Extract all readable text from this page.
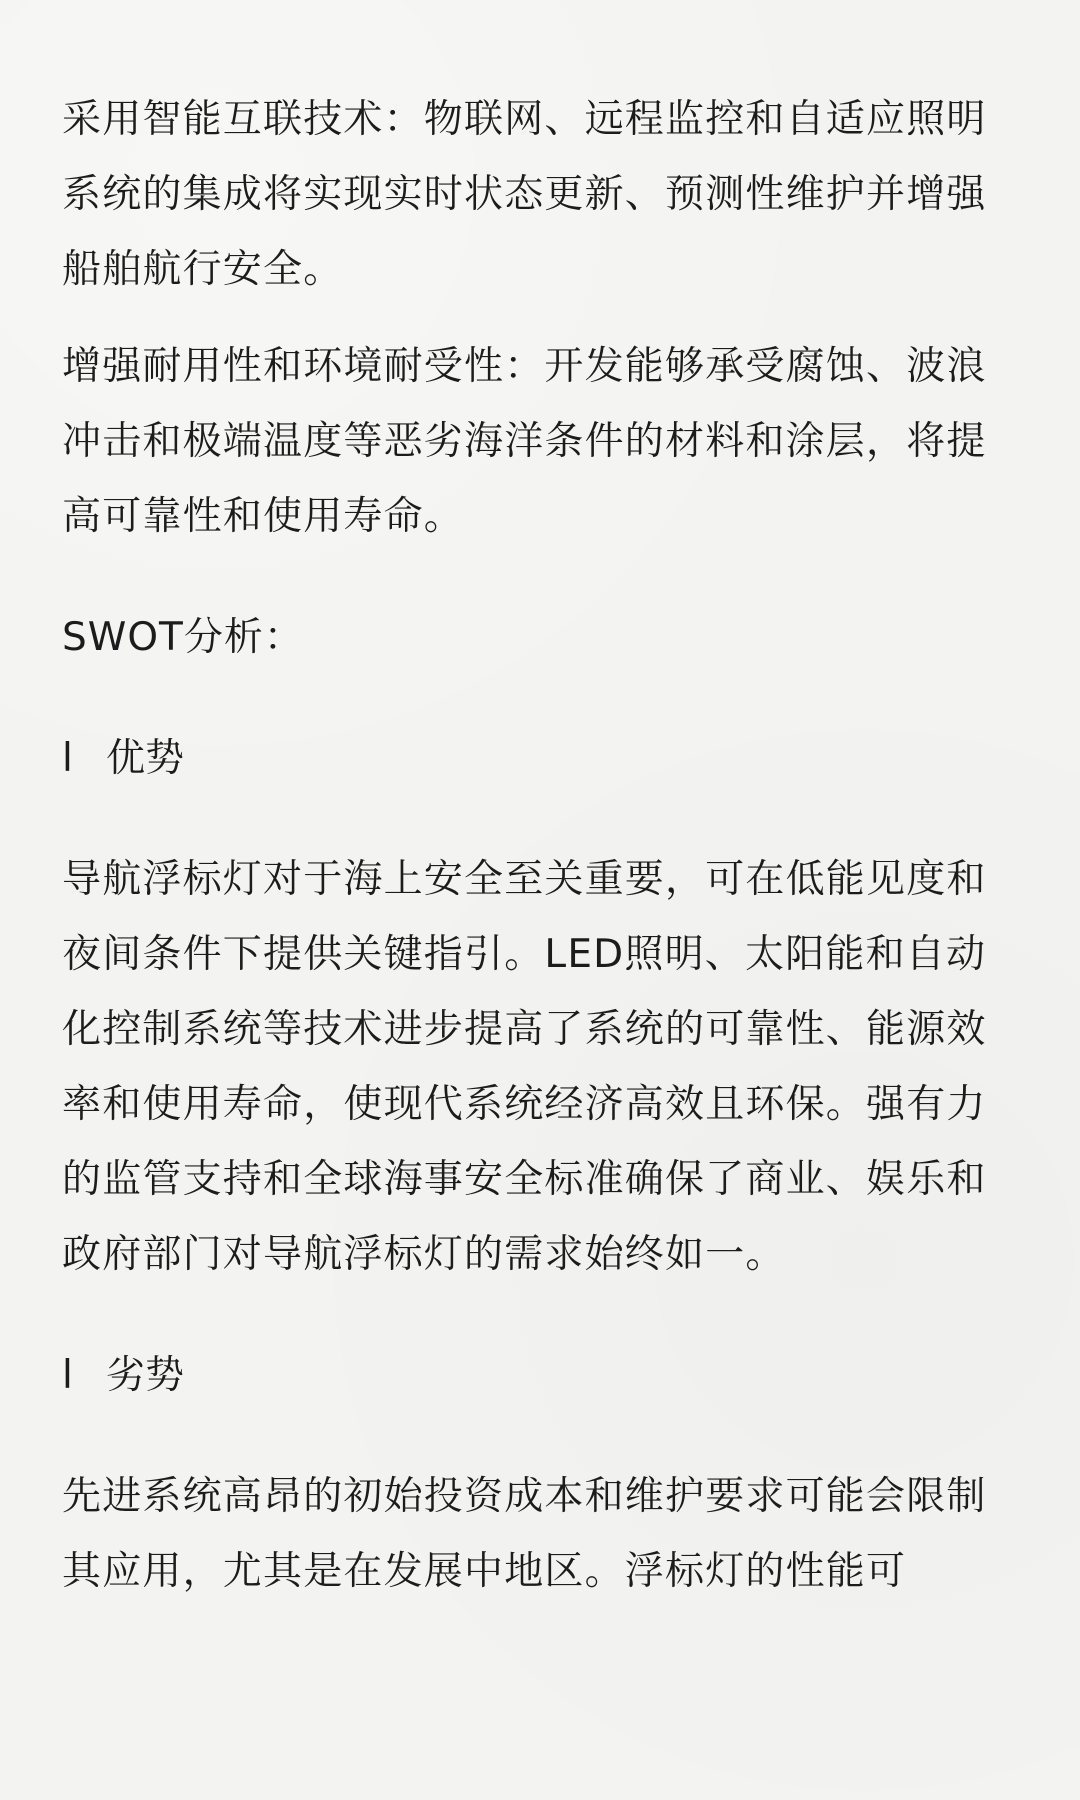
采用智能互联技术：物联网、远程监控和自适应照明系统的集成将实现实时状态更新、预测性维护并增强船舶航行安全。

增强耐用性和环境耐受性：开发能够承受腐蚀、波浪冲击和极端温度等恶劣海洋条件的材料和涂层，将提高可靠性和使用寿命。

SWOT分析：

l 优势

导航浮标灯对于海上安全至关重要，可在低能见度和夜间条件下提供关键指引。LED照明、太阳能和自动化控制系统等技术进步提高了系统的可靠性、能源效率和使用寿命，使现代系统经济高效且环保。强有力的监管支持和全球海事安全标准确保了商业、娱乐和政府部门对导航浮标灯的需求始终如一。

l 劣势

先进系统高昂的初始投资成本和维护要求可能会限制其应用，尤其是在发展中地区。浮标灯的性能可
